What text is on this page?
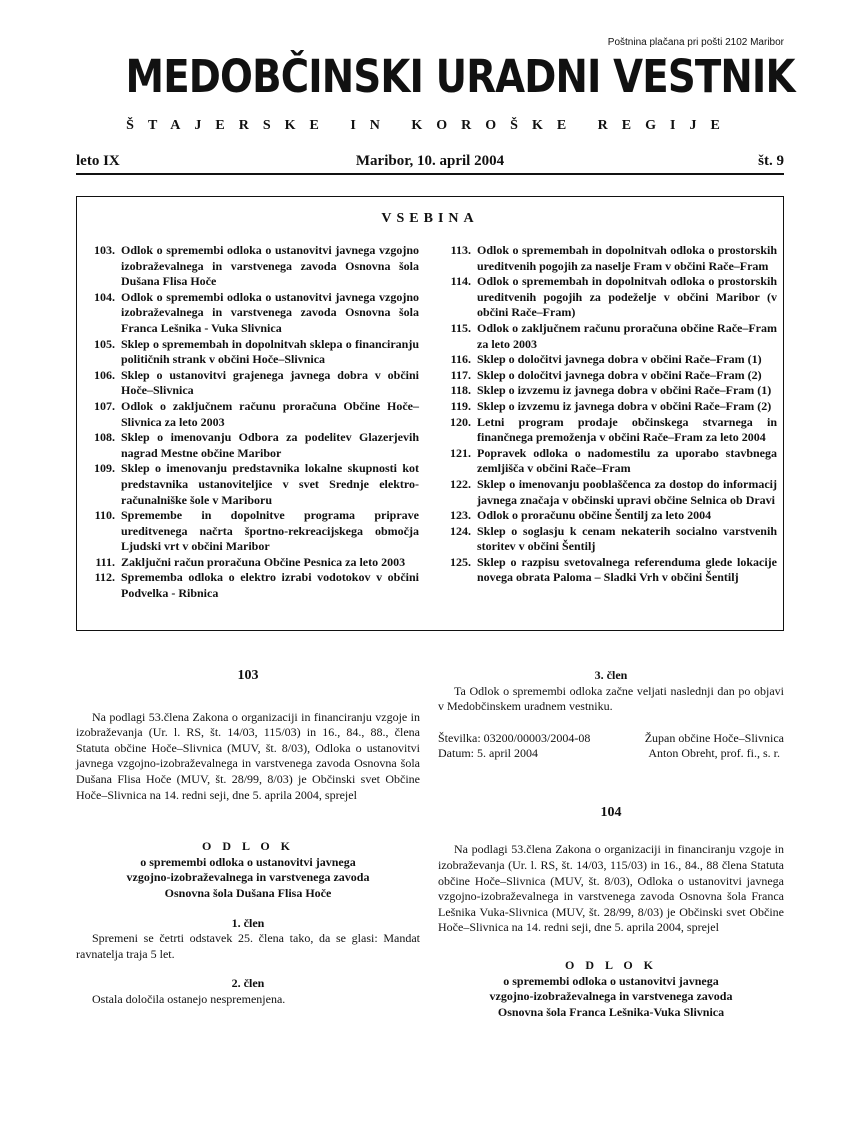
Poštnina plačana pri pošti 2102 Maribor
MEDOBČINSKI URADNI VESTNIK
ŠTAJERSKE IN KOROŠKE REGIJE
leto IX	Maribor, 10. april 2004	št. 9
VSEBINA
103. Odlok o spremembi odloka o ustanovitvi javnega vzgojno izobraževalnega in varstvenega zavoda Osnovna šola Dušana Flisa Hoče
104. Odlok o spremembi odloka o ustanovitvi javnega vzgojno izobraževalnega in varstvenega zavoda Osnovna šola Franca Lešnika - Vuka Slivnica
105. Sklep o spremembah in dopolnitvah sklepa o financiranju političnih strank v občini Hoče–Slivnica
106. Sklep o ustanovitvi grajenega javnega dobra v občini Hoče–Slivnica
107. Odlok o zaključnem računu proračuna Občine Hoče–Slivnica za leto 2003
108. Sklep o imenovanju Odbora za podelitev Glazerjevih nagrad Mestne občine Maribor
109. Sklep o imenovanju predstavnika lokalne skupnosti kot predstavnika ustanoviteljice v svet Srednje elektro-računalniške šole v Mariboru
110. Spremembe in dopolnitve programa priprave ureditvenega načrta športno-rekreacijskega območja Ljudski vrt v občini Maribor
111. Zaključni račun proračuna Občine Pesnica za leto 2003
112. Sprememba odloka o elektro izrabi vodotokov v občini Podvelka - Ribnica
113. Odlok o spremembah in dopolnitvah odloka o prostorskih ureditvenih pogojih za naselje Fram v občini Rače–Fram
114. Odlok o spremembah in dopolnitvah odloka o prostorskih ureditvenih pogojih za podeželje v občini Maribor (v občini Rače–Fram)
115. Odlok o zaključnem računu proračuna občine Rače–Fram za leto 2003
116. Sklep o določitvi javnega dobra v občini Rače–Fram (1)
117. Sklep o določitvi javnega dobra v občini Rače–Fram (2)
118. Sklep o izvzemu iz javnega dobra v občini Rače–Fram (1)
119. Sklep o izvzemu iz javnega dobra v občini Rače–Fram (2)
120. Letni program prodaje občinskega stvarnega in finančnega premoženja v občini Rače–Fram za leto 2004
121. Popravek odloka o nadomestilu za uporabo stavbnega zemljišča v občini Rače–Fram
122. Sklep o imenovanju pooblaščenca za dostop do informacij javnega značaja v občinski upravi občine Selnica ob Dravi
123. Odlok o proračunu občine Šentilj za leto 2004
124. Sklep o soglasju k cenam nekaterih socialno varstvenih storitev v občini Šentilj
125. Sklep o razpisu svetovalnega referenduma glede lokacije novega obrata Paloma – Sladki Vrh v občini Šentilj
103

Na podlagi 53.člena Zakona o organizaciji in financiranju vzgoje in izobraževanja (Ur. l. RS, št. 14/03, 115/03) in 16., 84., 88., člena Statuta občine Hoče–Slivnica (MUV, št. 8/03), Odloka o ustanovitvi javnega vzgojno-izobraževalnega in varstvenega zavoda Osnovna šola Dušana Flisa Hoče (MUV, št. 28/99, 8/03) je Občinski svet Občine Hoče–Slivnica na 14. redni seji, dne 5. aprila 2004, sprejel

O D L O K
o spremembi odloka o ustanovitvi javnega
vzgojno-izobraževalnega in varstvenega zavoda
Osnovna šola Dušana Flisa Hoče
1. člen

Spremeni se četrti odstavek 25. člena tako, da se glasi: Mandat ravnatelja traja 5 let.

2. člen

Ostala določila ostanejo nespremenjena.

3. člen

Ta Odlok o spremembi odloka začne veljati naslednji dan po objavi v Medobčinskem uradnem vestniku.

Številka: 03200/00003/2004-08
Datum: 5. april 2004
Župan občine Hoče–Slivnica
Anton Obreht, prof. fi., s. r.
104

Na podlagi 53.člena Zakona o organizaciji in financiranju vzgoje in izobraževanja (Ur. l. RS, št. 14/03, 115/03) in 16., 84., 88 člena Statuta občine Hoče–Slivnica (MUV, št. 8/03), Odloka o ustanovitvi javnega vzgojno-izobraževalnega in varstvenega zavoda Osnovna šola Franca Lešnika Vuka-Slivnica (MUV, št. 28/99, 8/03) je Občinski svet Občine Hoče–Slivnica na 14. redni seji, dne 5. aprila 2004, sprejel

O D L O K
o spremembi odloka o ustanovitvi javnega
vzgojno-izobraževalnega in varstvenega zavoda
Osnovna šola Franca Lešnika-Vuka Slivnica
